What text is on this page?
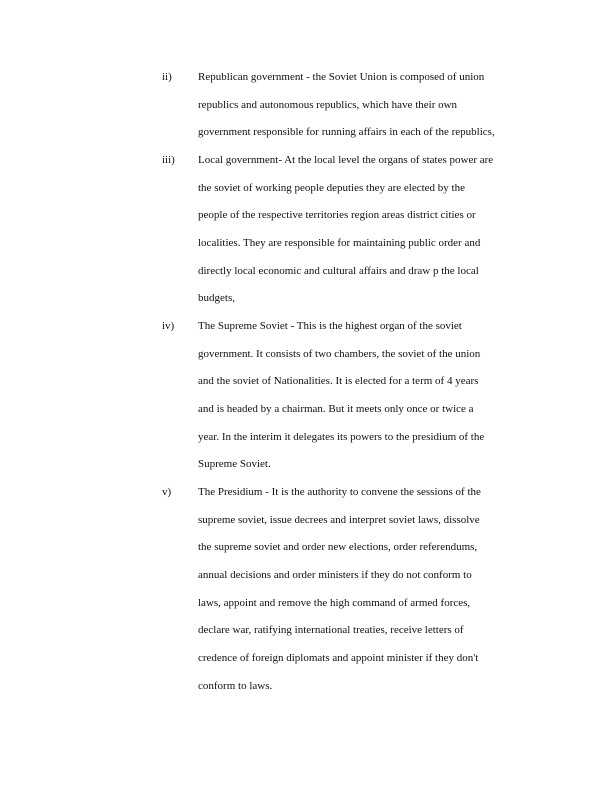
ii) Republican government - the Soviet Union is composed of union
republics and autonomous republics, which have their own
government responsible for running affairs in each of the republics,
iii) Local government- At the local level the organs of states power are
the soviet of working people deputies they are elected by the
people of the respective territories region areas district cities or
localities. They are responsible for maintaining public order and
directly local economic and cultural affairs and draw p the local
budgets,
iv) The Supreme Soviet - This is the highest organ of the soviet
government. It consists of two chambers, the soviet of the union
and the soviet of Nationalities. It is elected for a term of 4 years
and is headed by a chairman. But it meets only once or twice a
year. In the interim it delegates its powers to the presidium of the
Supreme Soviet.
v) The Presidium - It is the authority to convene the sessions of the
supreme soviet, issue decrees and interpret soviet laws, dissolve
the supreme soviet and order new elections, order referendums,
annual decisions and order ministers if they do not conform to
laws, appoint and remove the high command of armed forces,
declare war, ratifying international treaties, receive letters of
credence of foreign diplomats and appoint minister if they don't
conform to laws.
